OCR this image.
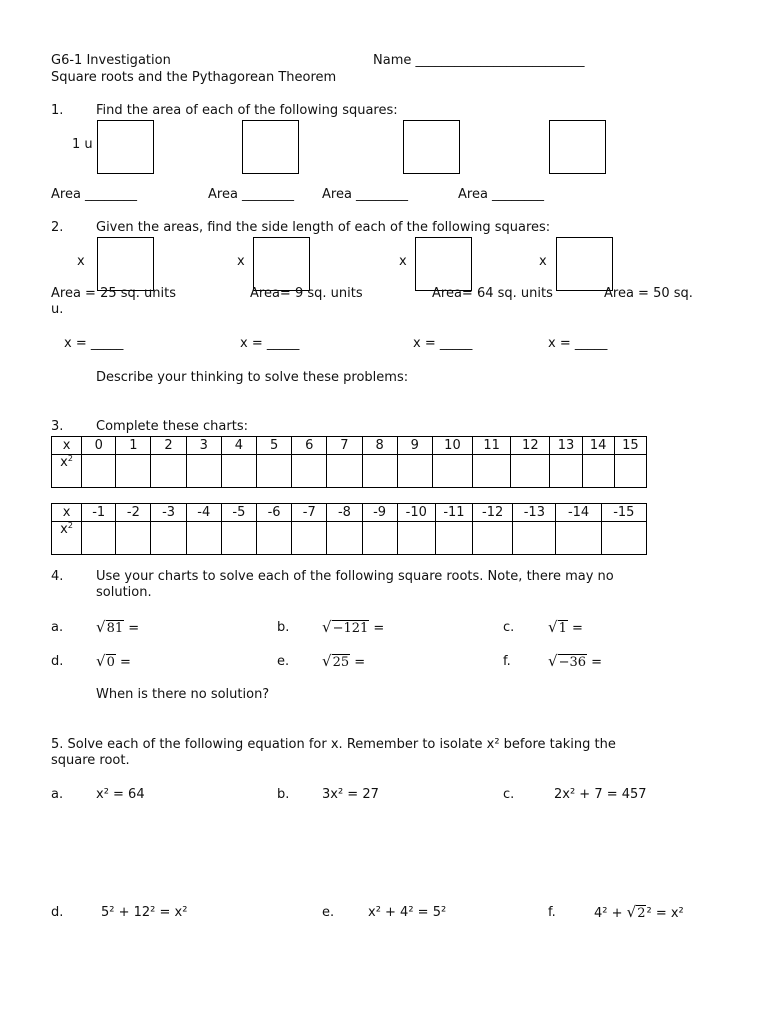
G6-1 Investigation	Name __________________________
Square roots and the Pythagorean Theorem
1.	Find the area of each of the following squares:
1 u
Area ________	Area ________ Area ________	Area ________
2.	Given the areas, find the side length of each of the following squares:
x	x	x	x
Area = 25 sq. units	Area= 9 sq. units	Area= 64 sq. units	Area = 50 sq.
u.
x = _____	x = _____	x = _____	x = _____
Describe your thinking to solve these problems:
3.	Complete these charts:
x	0	1	2	3	4	5	6	7	8	9	10	11	12	13	14	15
$x^2$																
x	-1	-2	-3	-4	-5	-6	-7	-8	-9	-10	-11	-12	-13	-14	-15
$x^2$															
4.	Use your charts to solve each of the following square roots. Note, there may no
solution.
a. √81 =	b. √−121 =	c. √1 =
d. √0 =	e. √25 =	f. √−36 =
When is there no solution?
5. Solve each of the following equation for x. Remember to isolate x² before taking the
square root.
a.	x² = 64	b.	3x² = 27	c.	2x² + 7 = 457
d.	5² + 12² = x²	e.	x² + 4² = 5²	f.	4² + √2² = x²
